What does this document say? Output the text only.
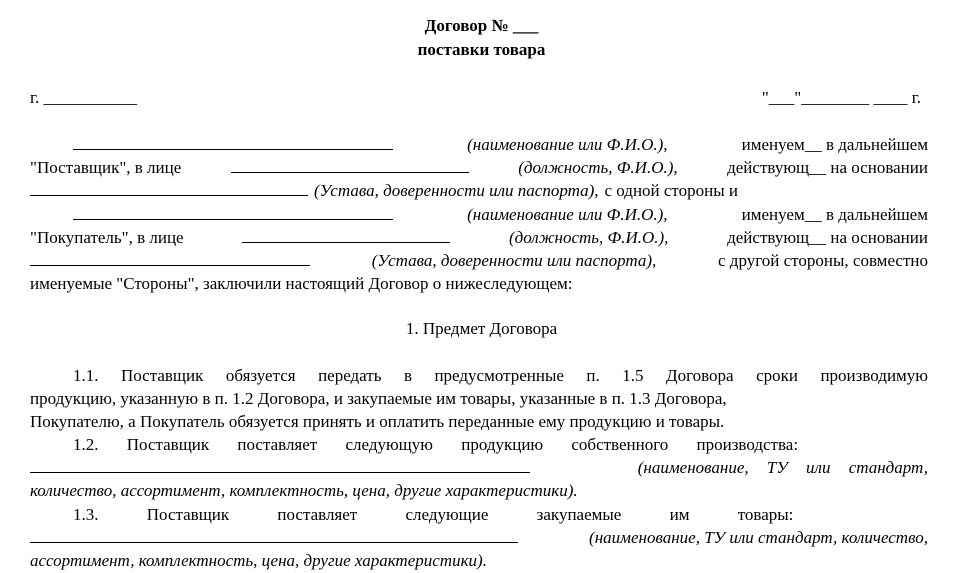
Договор № ___
поставки товара
г. ___________	"___"________ ____ г.
(наименование или Ф.И.О.),	именуем__ в дальнейшем
"Поставщик", в лице	(должность, Ф.И.О.),	действующ__ на основании
(Устава, доверенности или паспорта), с одной стороны и
(наименование или Ф.И.О.),	именуем__ в дальнейшем
"Покупатель", в лице	(должность, Ф.И.О.),	действующ__ на основании
(Устава, доверенности или паспорта),	с другой стороны, совместно
именуемые "Стороны", заключили настоящий Договор о нижеследующем:
1. Предмет Договора
1.1. Поставщик обязуется передать в предусмотренные п. 1.5 Договора сроки производимую
продукцию, указанную в п. 1.2 Договора, и закупаемые им товары, указанные в п. 1.3 Договора,
Покупателю, а Покупатель обязуется принять и оплатить переданные ему продукцию и товары.
1.2. Поставщик поставляет следующую продукцию собственного производства:
(наименование, ТУ или стандарт,
количество, ассортимент, комплектность, цена, другие характеристики).
1.3. Поставщик поставляет следующие закупаемые им товары:
(наименование, ТУ или стандарт, количество,
ассортимент, комплектность, цена, другие характеристики).
